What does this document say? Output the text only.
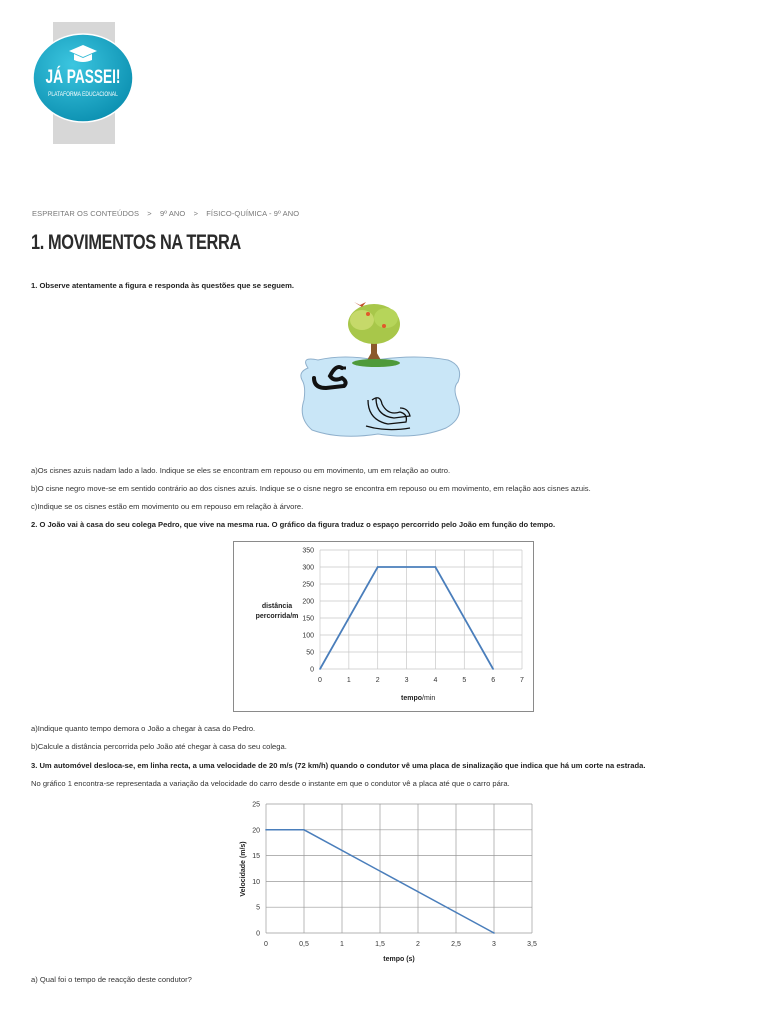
JÁ PASSEI!
PLATAFORMA EDUCACIONAL
ESPREITAR OS CONTEÚDOS > 9º ANO > FÍSICO-QUÍMICA - 9º ANO
1. MOVIMENTOS NA TERRA
1. Observe atentamente a figura e responda às questões que se seguem.
a)Os cisnes azuis nadam lado a lado. Indique se eles se encontram em repouso ou em movimento, um em relação ao outro.
b)O cisne negro move-se em sentido contrário ao dos cisnes azuis. Indique se o cisne negro se encontra em repouso ou em movimento, em relação aos cisnes azuis.
c)Indique se os cisnes estão em movimento ou em repouso em relação à árvore.
2. O João vai à casa do seu colega Pedro, que vive na mesma rua. O gráfico da figura traduz o espaço percorrido pelo João em função do tempo.
0	1	2	3	4	5	6	7
0
50
100
150
200
250
300
350
distância
percorrida/m
tempo /min
a)Indique quanto tempo demora o João a chegar à casa do Pedro.
b)Calcule a distância percorrida pelo João até chegar à casa do seu colega.
3. Um automóvel desloca-se, em linha recta, a uma velocidade de 20 m/s (72 km/h) quando o condutor vê uma placa de sinalização que indica que há um corte na estrada.
No gráfico 1 encontra-se representada a variação da velocidade do carro desde o instante em que o condutor vê a placa até que o carro pára.
0	0,5	1	1,5	2	2,5	3	3,5
0
5
10
15
20
25
Velocidade (m/s)
tempo (s)
a) Qual foi o tempo de reacção deste condutor?
